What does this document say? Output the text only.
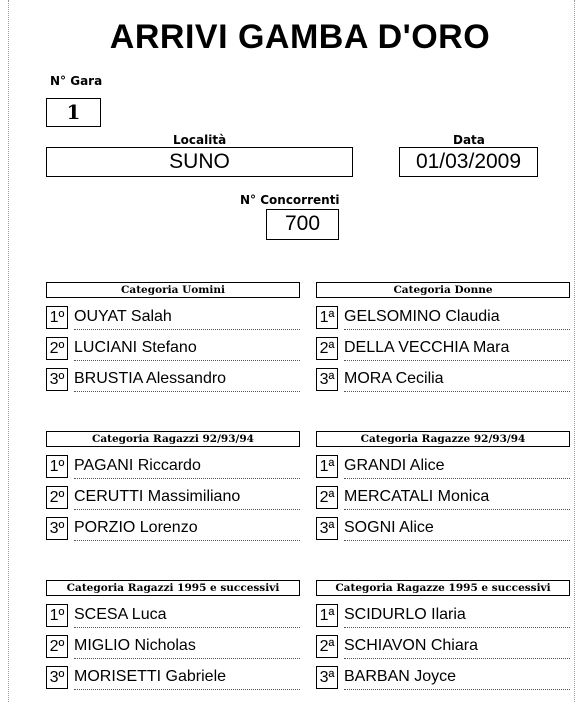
ARRIVI GAMBA D'ORO
N° Gara
1
Località
SUNO
Data
01/03/2009
N° Concorrenti
700
Categoria Uomini
1º OUYAT Salah
2º LUCIANI Stefano
3º BRUSTIA Alessandro
Categoria Donne
1ª GELSOMINO Claudia
2ª DELLA VECCHIA Mara
3ª MORA Cecilia
Categoria Ragazzi 92/93/94
1º PAGANI Riccardo
2º CERUTTI Massimiliano
3º PORZIO Lorenzo
Categoria Ragazze 92/93/94
1ª GRANDI Alice
2ª MERCATALI Monica
3ª SOGNI Alice
Categoria Ragazzi 1995 e successivi
1º SCESA Luca
2º MIGLIO Nicholas
3º MORISETTI Gabriele
Categoria Ragazze 1995 e successivi
1ª SCIDURLO Ilaria
2ª SCHIAVON Chiara
3ª BARBAN Joyce
